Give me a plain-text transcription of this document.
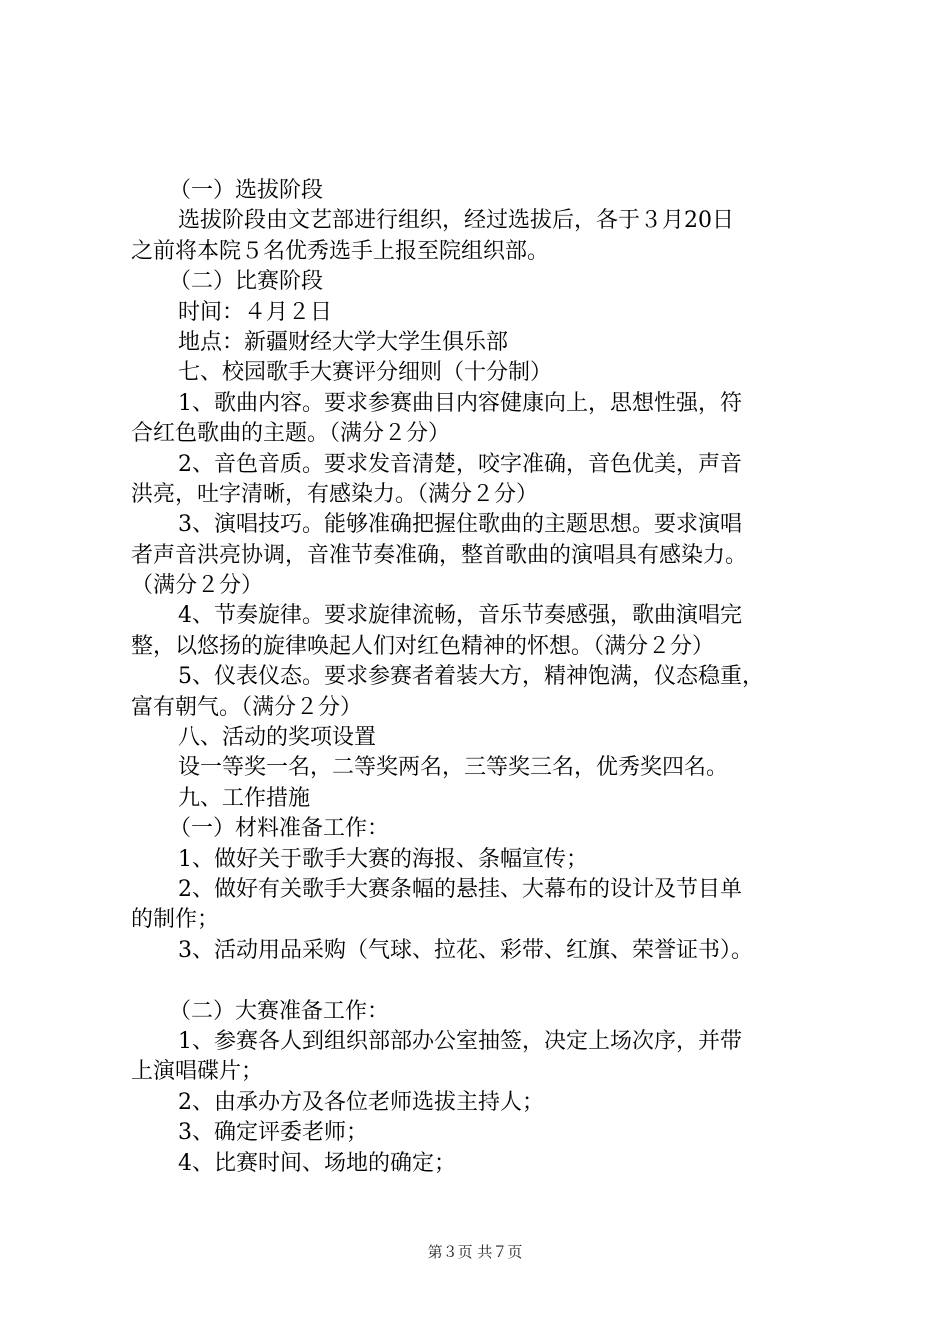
（一）选拔阶段

选拔阶段由文艺部进行组织，经过选拔后，各于３月20日

之前将本院５名优秀选手上报至院组织部。

（二）比赛阶段

时间：４月２日

地点：新疆财经大学大学生俱乐部

七、校园歌手大赛评分细则（十分制）

1、歌曲内容。要求参赛曲目内容健康向上，思想性强，符

合红色歌曲的主题。（满分２分）

2、音色音质。要求发音清楚，咬字准确，音色优美，声音

洪亮，吐字清晰，有感染力。（满分２分）

3、演唱技巧。能够准确把握住歌曲的主题思想。要求演唱

者声音洪亮协调，音准节奏准确，整首歌曲的演唱具有感染力。

（满分２分）

4、节奏旋律。要求旋律流畅，音乐节奏感强，歌曲演唱完

整，以悠扬的旋律唤起人们对红色精神的怀想。（满分２分）

5、仪表仪态。要求参赛者着装大方，精神饱满，仪态稳重，

富有朝气。（满分２分）

八、活动的奖项设置

设一等奖一名，二等奖两名，三等奖三名，优秀奖四名。

九、工作措施

（一）材料准备工作：

1、做好关于歌手大赛的海报、条幅宣传；

2、做好有关歌手大赛条幅的悬挂、大幕布的设计及节目单

的制作；

3、活动用品采购（气球、拉花、彩带、红旗、荣誉证书）。

（二）大赛准备工作：

1、参赛各人到组织部部办公室抽签，决定上场次序，并带

上演唱碟片；

2、由承办方及各位老师选拔主持人；

3、确定评委老师；

4、比赛时间、场地的确定；

第３页 共７页
